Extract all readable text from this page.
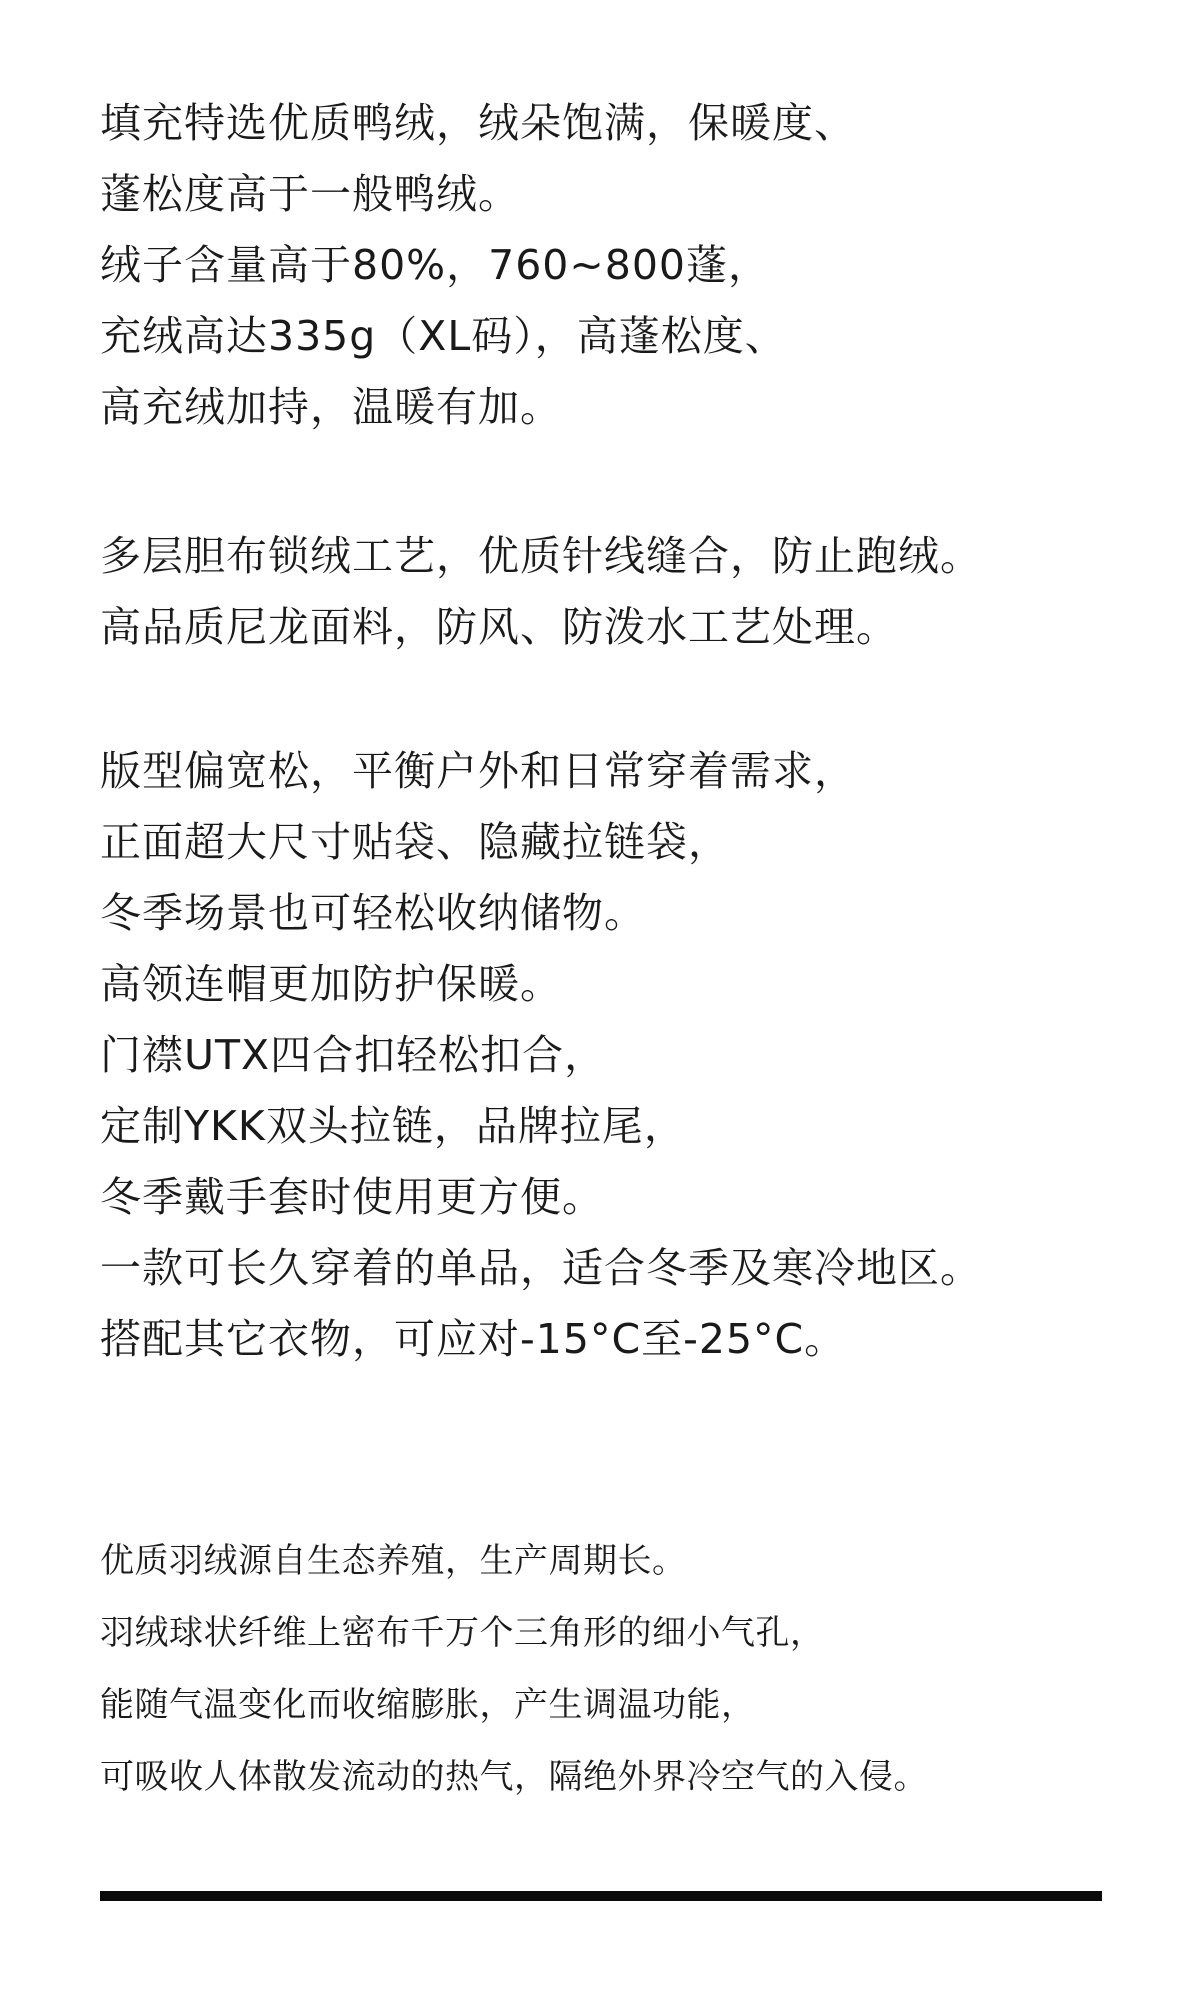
填充特选优质鸭绒，绒朵饱满，保暖度、
蓬松度高于一般鸭绒。
绒子含量高于80%，760~800蓬，
充绒高达335g（XL码），高蓬松度、
高充绒加持，温暖有加。
多层胆布锁绒工艺，优质针线缝合，防止跑绒。
高品质尼龙面料，防风、防泼水工艺处理。
版型偏宽松，平衡户外和日常穿着需求，
正面超大尺寸贴袋、隐藏拉链袋，
冬季场景也可轻松收纳储物。
高领连帽更加防护保暖。
门襟UTX四合扣轻松扣合，
定制YKK双头拉链，品牌拉尾，
冬季戴手套时使用更方便。
一款可长久穿着的单品，适合冬季及寒冷地区。
搭配其它衣物，可应对-15°C至-25°C。
优质羽绒源自生态养殖，生产周期长。
羽绒球状纤维上密布千万个三角形的细小气孔，
能随气温变化而收缩膨胀，产生调温功能，
可吸收人体散发流动的热气，隔绝外界冷空气的入侵。
